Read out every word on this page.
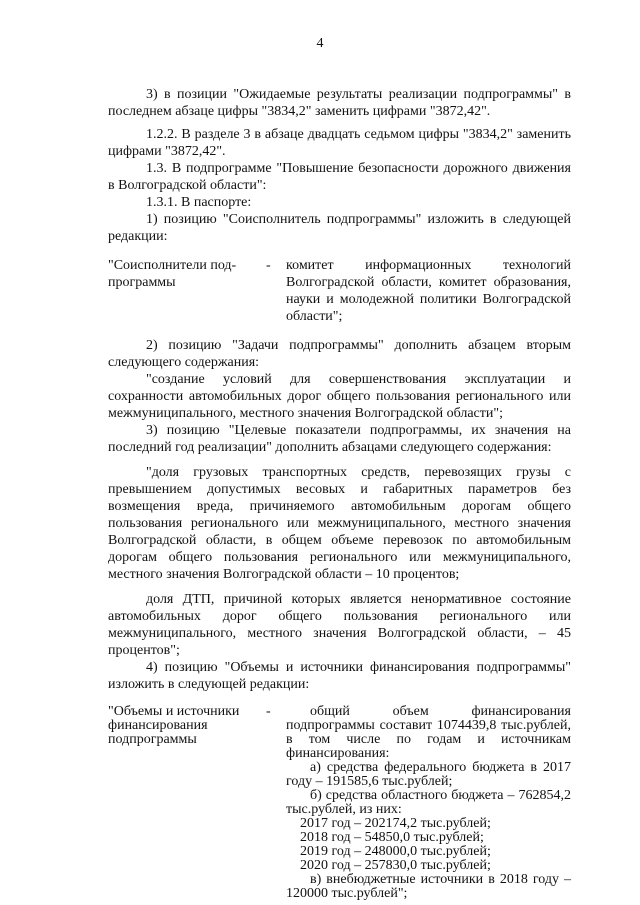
4

3) в позиции "Ожидаемые результаты реализации подпрограммы" в последнем абзаце цифры "3834,2" заменить цифрами "3872,42".

1.2.2. В разделе 3 в абзаце двадцать седьмом цифры "3834,2" заменить цифрами "3872,42".

1.3. В подпрограмме "Повышение безопасности дорожного движения в Волгоградской области":

1.3.1. В паспорте:

1) позицию "Соисполнитель подпрограммы" изложить в следующей редакции:

"Соисполнители под- программы
-	комитет информационных технологий Волгоградской области, комитет образования, науки и молодежной политики Волгоградской области";

2) позицию "Задачи подпрограммы" дополнить абзацем вторым следующего содержания:

"создание условий для совершенствования эксплуатации и сохранности автомобильных дорог общего пользования регионального или межмуниципального, местного значения Волгоградской области";

3) позицию "Целевые показатели подпрограммы, их значения на последний год реализации" дополнить абзацами следующего содержания:

"доля грузовых транспортных средств, перевозящих грузы с превышением допустимых весовых и габаритных параметров без возмещения вреда, причиняемого автомобильным дорогам общего пользования регионального или межмуниципального, местного значения Волгоградской области, в общем объеме перевозок по автомобильным дорогам общего пользования регионального или межмуниципального, местного значения Волгоградской области – 10 процентов;

доля ДТП, причиной которых является ненормативное состояние автомобильных дорог общего пользования регионального или межмуниципального, местного значения Волгоградской области, – 45 процентов";

4) позицию "Объемы и источники финансирования подпрограммы" изложить в следующей редакции:

"Объемы и источники финансирования подпрограммы
-	общий объем финансирования подпрограммы составит 1074439,8 тыс.рублей, в том числе по годам и источникам финансирования:

а) средства федерального бюджета в 2017 году – 191585,6 тыс.рублей;

б) средства областного бюджета – 762854,2 тыс.рублей, из них:

2017 год – 202174,2 тыс.рублей;

2018 год – 54850,0 тыс.рублей;

2019 год – 248000,0 тыс.рублей;

2020 год – 257830,0 тыс.рублей;

в) внебюджетные источники в 2018 году – 120000 тыс.рублей";
